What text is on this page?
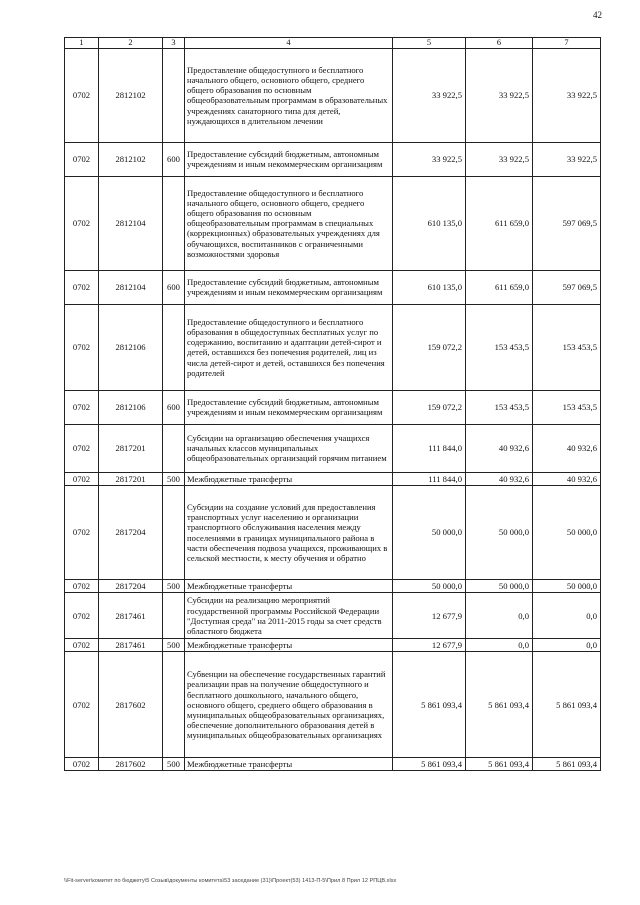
42
1	2	3	4	5	6	7
0702	2812102		Предоставление общедоступного и бесплатного начального общего, основного общего, среднего общего образования по основным общеобразовательным программам в образовательных учреждениях санаторного типа для детей, нуждающихся в длительном лечении	33 922,5	33 922,5	33 922,5
0702	2812102	600	Предоставление субсидий бюджетным, автономным учреждениям и иным некоммерческим организациям	33 922,5	33 922,5	33 922,5
0702	2812104		Предоставление общедоступного и бесплатного начального общего, основного общего, среднего общего образования по основным общеобразовательным программам в специальных (коррекционных) образовательных учреждениях для обучающихся, воспитанников с ограниченными возможностями здоровья	610 135,0	611 659,0	597 069,5
0702	2812104	600	Предоставление субсидий бюджетным, автономным учреждениям и иным некоммерческим организациям	610 135,0	611 659,0	597 069,5
0702	2812106		Предоставление общедоступного и бесплатного образования в общедоступных бесплатных услуг по содержанию, воспитанию и адаптации детей-сирот и детей, оставшихся без попечения родителей, лиц из числа детей-сирот и детей, оставшихся без попечения родителей	159 072,2	153 453,5	153 453,5
0702	2812106	600	Предоставление субсидий бюджетным, автономным учреждениям и иным некоммерческим организациям	159 072,2	153 453,5	153 453,5
0702	2817201		Субсидии на организацию обеспечения учащихся начальных классов муниципальных общеобразовательных организаций горячим питанием	111 844,0	40 932,6	40 932,6
0702	2817201	500	Межбюджетные трансферты	111 844,0	40 932,6	40 932,6
0702	2817204		Субсидии на создание условий для предоставления транспортных услуг населению и организации транспортного обслуживания населения между поселениями в границах муниципального района в части обеспечения подвоза учащихся, проживающих в сельской местности, к месту обучения и обратно	50 000,0	50 000,0	50 000,0
0702	2817204	500	Межбюджетные трансферты	50 000,0	50 000,0	50 000,0
0702	2817461		Субсидии на реализацию мероприятий государственной программы Российской Федерации "Доступная среда" на 2011-2015 годы за счет средств областного бюджета	12 677,9	0,0	0,0
0702	2817461	500	Межбюджетные трансферты	12 677,9	0,0	0,0
0702	2817602		Субвенции на обеспечение государственных гарантий реализации прав на получение общедоступного и бесплатного дошкольного, начального общего, основного общего, среднего общего образования в муниципальных общеобразовательных организациях, обеспечение дополнительного образования детей в муниципальных общеобразовательных организациях	5 861 093,4	5 861 093,4	5 861 093,4
0702	2817602	500	Межбюджетные трансферты	5 861 093,4	5 861 093,4	5 861 093,4
\\Fit-server\комитет по бюджету\5 Созыв\документы комитета\53 заседание (31)\Проект(53) 1413-П-5\Прил 8 Прил 12 РПЦВ.xlsx
